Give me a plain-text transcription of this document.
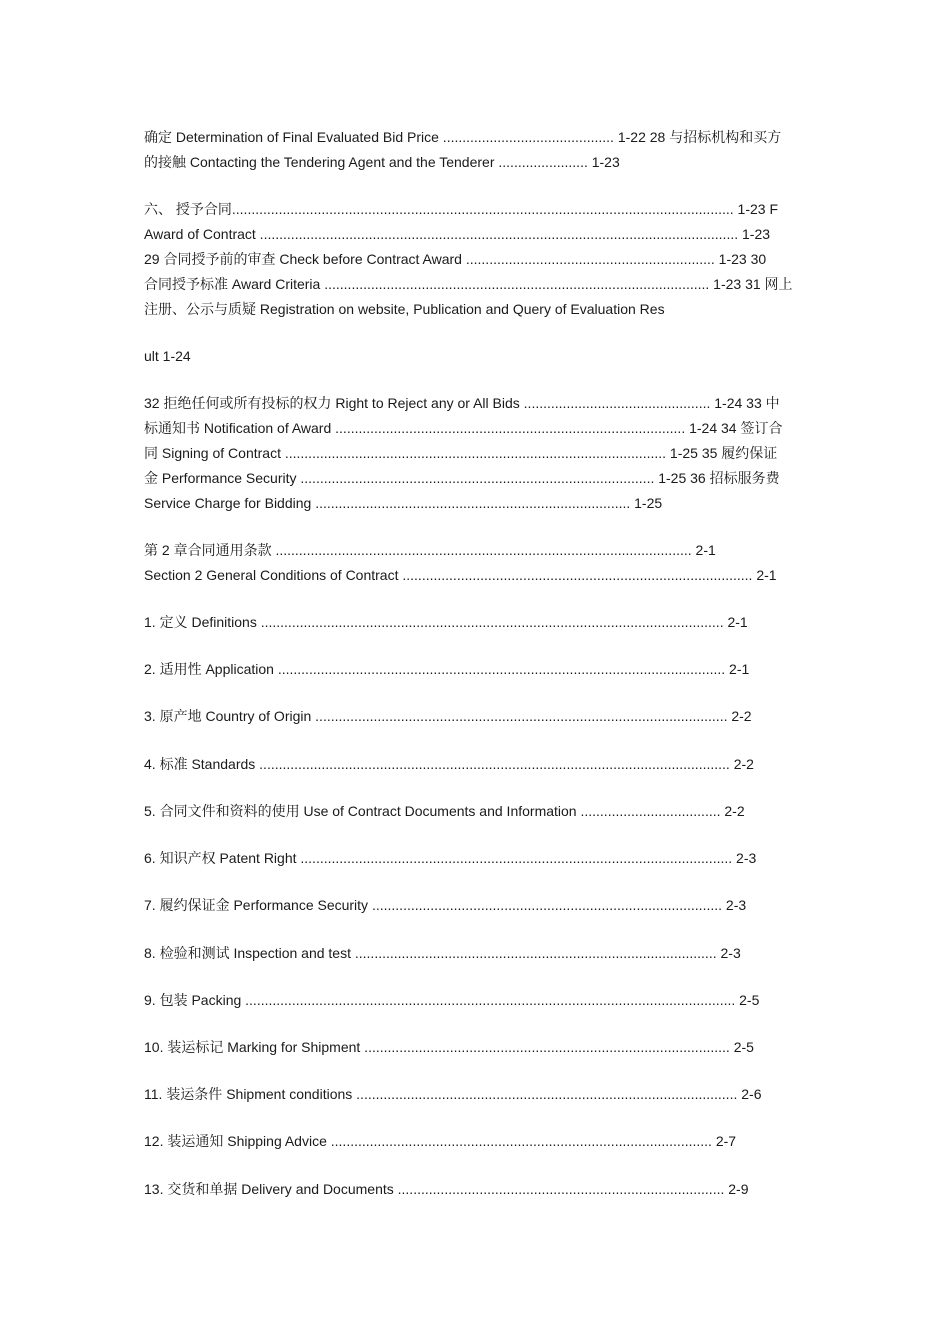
确定 Determination of Final Evaluated Bid Price ............................................ 1-22 28 与招标机构和买方
的接触 Contacting the Tendering Agent and the Tenderer ....................... 1-23
六、 授予合同................................................................................................................................. 1-23 F
Award of Contract ........................................................................................................................... 1-23
29 合同授予前的审查 Check before Contract Award ................................................................ 1-23 30
合同授予标准 Award Criteria ................................................................................................... 1-23 31 网上
注册、公示与质疑 Registration on website, Publication and Query of Evaluation Res
ult 1-24
32 拒绝任何或所有投标的权力 Right to Reject any or All Bids ................................................ 1-24 33 中
标通知书 Notification of Award .......................................................................................... 1-24 34 签订合
同 Signing of Contract .................................................................................................. 1-25 35 履约保证
金 Performance Security ........................................................................................... 1-25 36 招标服务费
Service Charge for Bidding ................................................................................. 1-25
第 2 章合同通用条款 ........................................................................................................... 2-1
Section 2 General Conditions of Contract .......................................................................................... 2-1
1. 定义 Definitions ....................................................................................................................... 2-1
2. 适用性 Application ................................................................................................................... 2-1
3. 原产地 Country of Origin .......................................................................................................... 2-2
4. 标准 Standards ......................................................................................................................... 2-2
5. 合同文件和资料的使用 Use of Contract Documents and Information .................................... 2-2
6. 知识产权 Patent Right ............................................................................................................... 2-3
7. 履约保证金 Performance Security .......................................................................................... 2-3
8. 检验和测试 Inspection and test ............................................................................................. 2-3
9. 包装 Packing .............................................................................................................................. 2-5
10. 装运标记 Marking for Shipment .............................................................................................. 2-5
11. 装运条件 Shipment conditions .................................................................................................. 2-6
12. 装运通知 Shipping Advice .................................................................................................. 2-7
13. 交货和单据 Delivery and Documents .................................................................................... 2-9
